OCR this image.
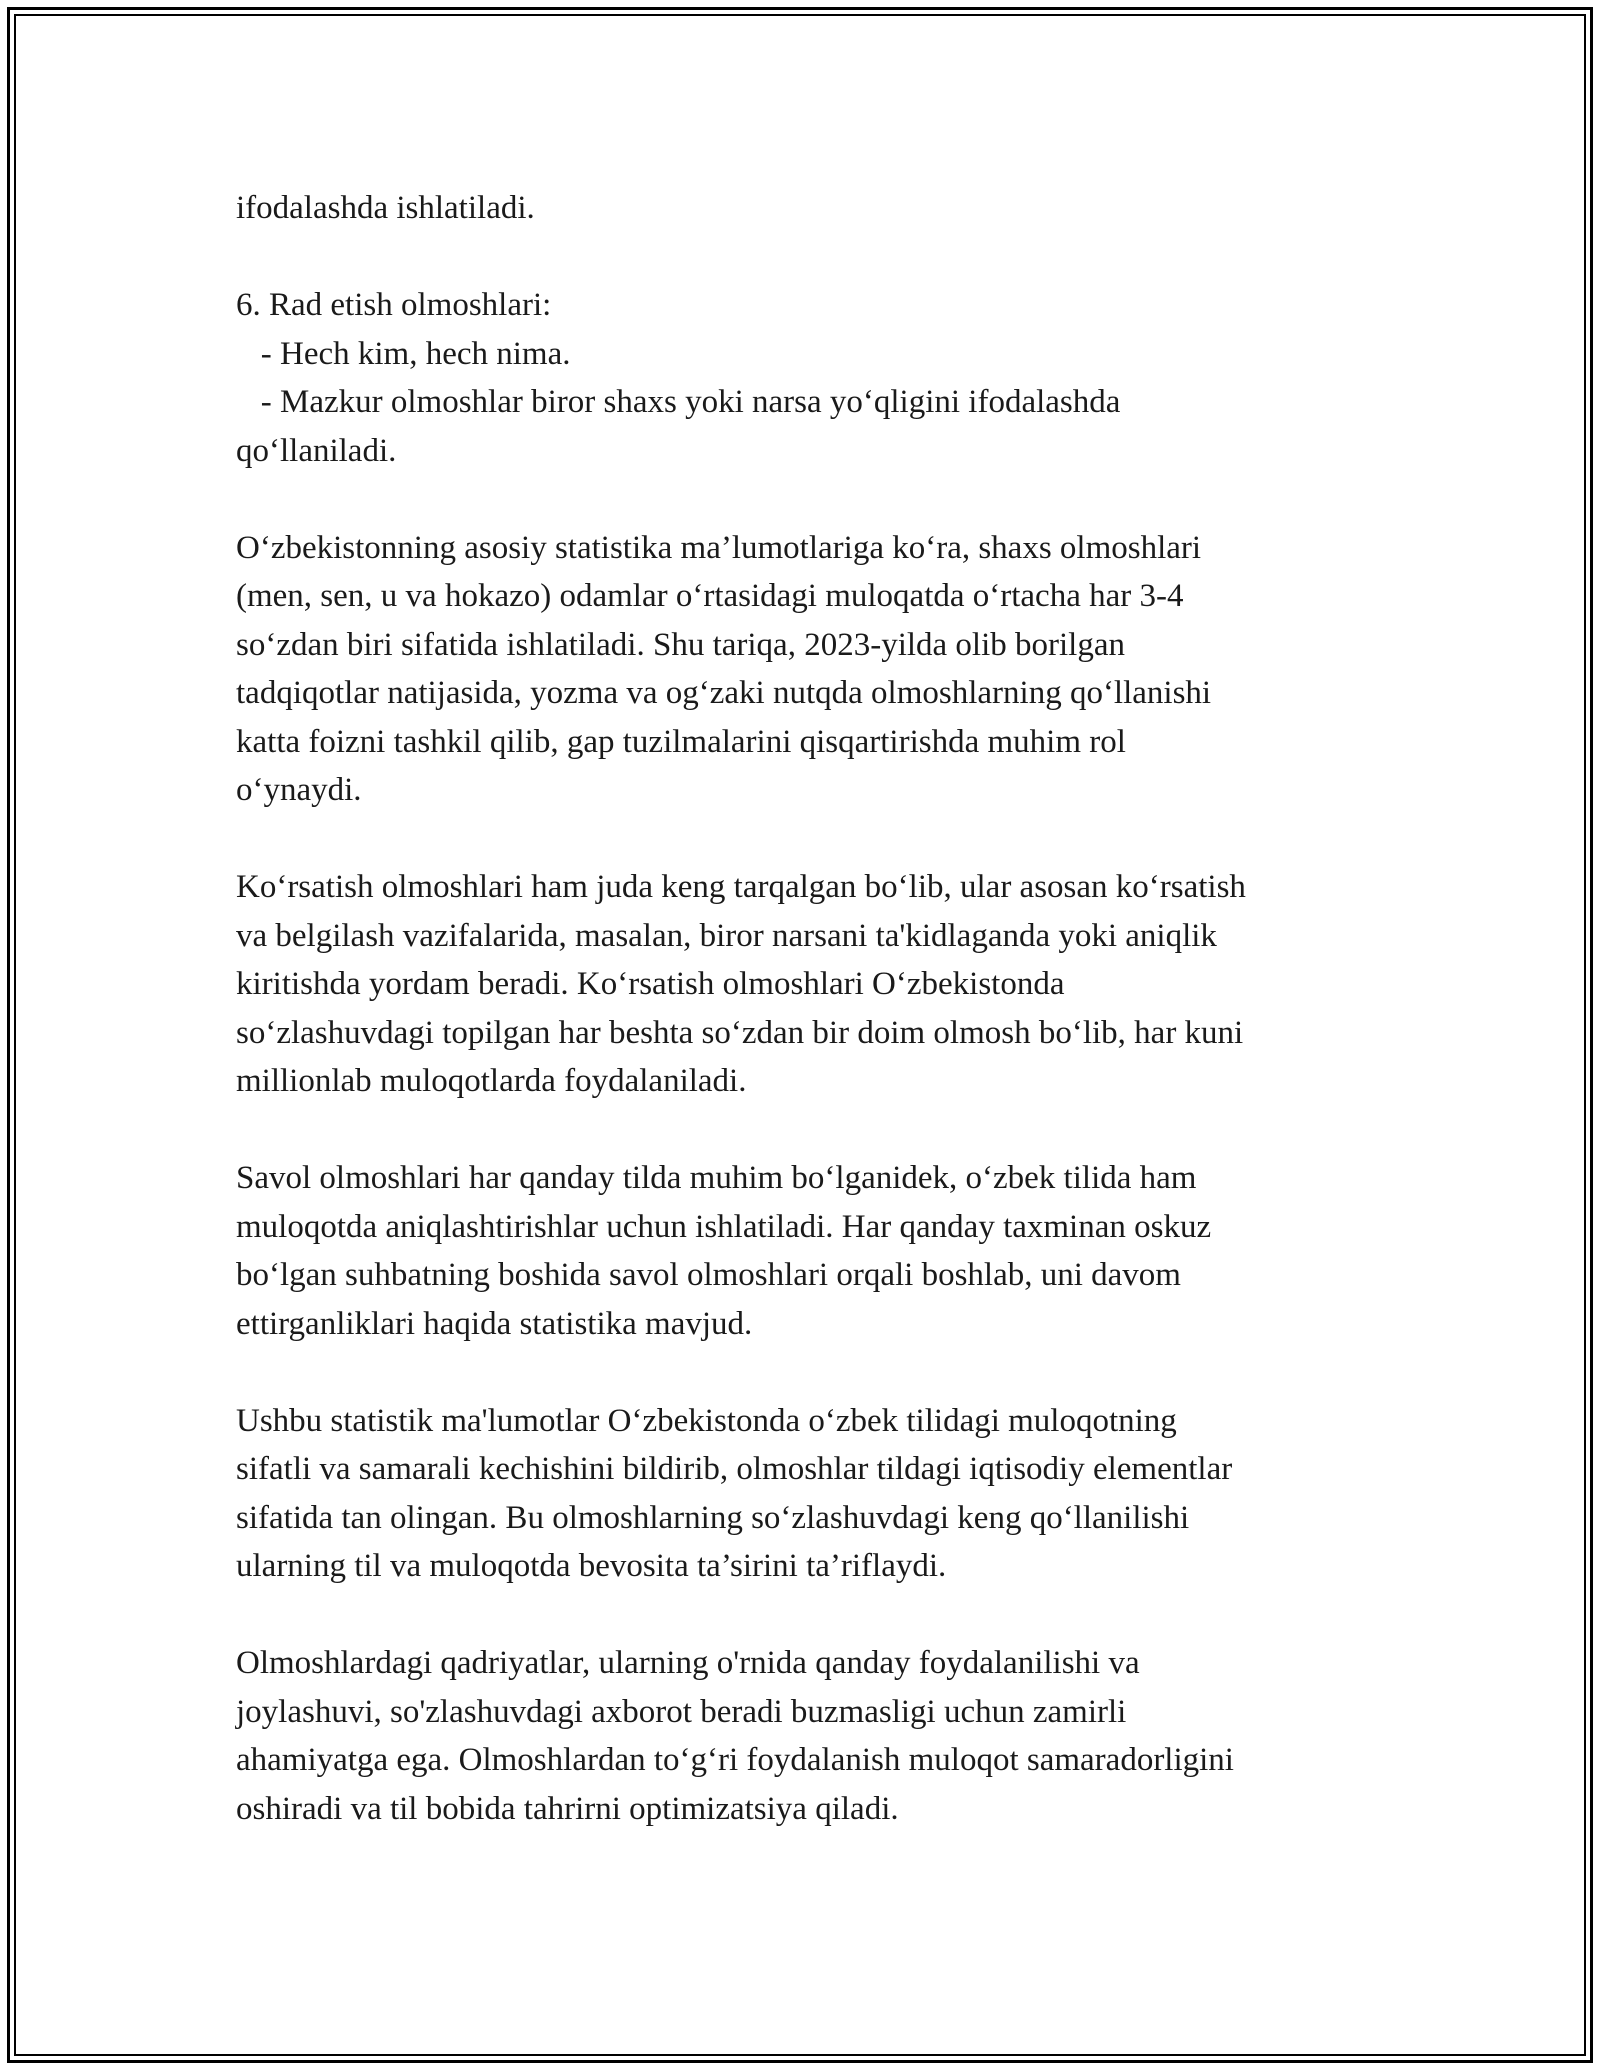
ifodalashda ishlatiladi.
6. Rad etish olmoshlari:
- Hech kim, hech nima.
- Mazkur olmoshlar biror shaxs yoki narsa yo‘qligini ifodalashda
qo‘llaniladi.
O‘zbekistonning asosiy statistika ma’lumotlariga ko‘ra, shaxs olmoshlari
(men, sen, u va hokazo) odamlar o‘rtasidagi muloqatda o‘rtacha har 3-4
so‘zdan biri sifatida ishlatiladi. Shu tariqa, 2023-yilda olib borilgan
tadqiqotlar natijasida, yozma va og‘zaki nutqda olmoshlarning qo‘llanishi
katta foizni tashkil qilib, gap tuzilmalarini qisqartirishda muhim rol
o‘ynaydi.
Ko‘rsatish olmoshlari ham juda keng tarqalgan bo‘lib, ular asosan ko‘rsatish
va belgilash vazifalarida, masalan, biror narsani ta'kidlaganda yoki aniqlik
kiritishda yordam beradi. Ko‘rsatish olmoshlari O‘zbekistonda
so‘zlashuvdagi topilgan har beshta so‘zdan bir doim olmosh bo‘lib, har kuni
millionlab muloqotlarda foydalaniladi.
Savol olmoshlari har qanday tilda muhim bo‘lganidek, o‘zbek tilida ham
muloqotda aniqlashtirishlar uchun ishlatiladi. Har qanday taxminan oskuz
bo‘lgan suhbatning boshida savol olmoshlari orqali boshlab, uni davom
ettirganliklari haqida statistika mavjud.
Ushbu statistik ma'lumotlar O‘zbekistonda o‘zbek tilidagi muloqotning
sifatli va samarali kechishini bildirib, olmoshlar tildagi iqtisodiy elementlar
sifatida tan olingan. Bu olmoshlarning so‘zlashuvdagi keng qo‘llanilishi
ularning til va muloqotda bevosita ta’sirini ta’riflaydi.
Olmoshlardagi qadriyatlar, ularning o'rnida qanday foydalanilishi va
joylashuvi, so'zlashuvdagi axborot beradi buzmasligi uchun zamirli
ahamiyatga ega. Olmoshlardan to‘g‘ri foydalanish muloqot samaradorligini
oshiradi va til bobida tahrirni optimizatsiya qiladi.
